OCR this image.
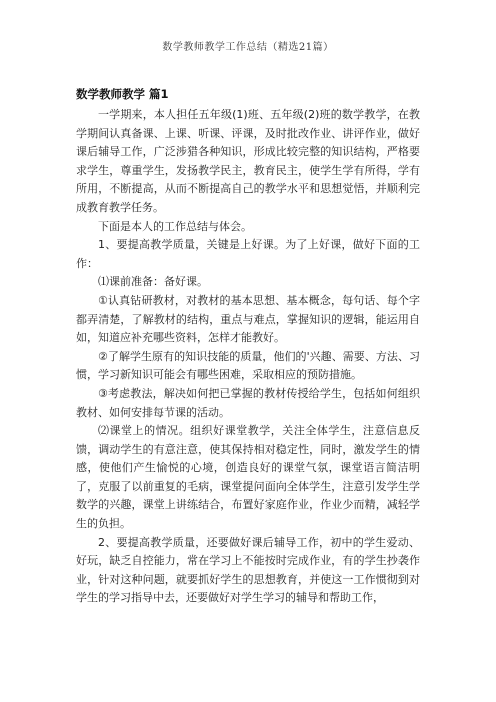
数学教师教学工作总结（精选21篇）
数学教师教学 篇1

一学期来，本人担任五年级(1)班、五年级(2)班的数学教学，在教学期间认真备课、上课、听课、评课，及时批改作业、讲评作业，做好课后辅导工作，广泛涉猎各种知识，形成比较完整的知识结构，严格要求学生，尊重学生，发扬教学民主，教育民主，使学生学有所得，学有所用，不断提高，从而不断提高自己的教学水平和思想觉悟，并顺利完成教育教学任务。

下面是本人的工作总结与体会。

1、要提高教学质量，关键是上好课。为了上好课，做好下面的工作：

⑴课前准备：备好课。

①认真钻研教材，对教材的基本思想、基本概念，每句话、每个字都弄清楚，了解教材的结构，重点与难点，掌握知识的逻辑，能运用自如，知道应补充哪些资料，怎样才能教好。

②了解学生原有的知识技能的质量，他们的'兴趣、需要、方法、习惯，学习新知识可能会有哪些困难，采取相应的预防措施。

③考虑教法，解决如何把已掌握的教材传授给学生，包括如何组织教材、如何安排每节课的活动。

⑵课堂上的情况。组织好课堂教学，关注全体学生，注意信息反馈，调动学生的有意注意，使其保持相对稳定性，同时，激发学生的情感，使他们产生愉悦的心境，创造良好的课堂气氛，课堂语言简洁明了，克服了以前重复的毛病，课堂提问面向全体学生，注意引发学生学数学的兴趣，课堂上讲练结合，布置好家庭作业，作业少而精，减轻学生的负担。

2、要提高教学质量，还要做好课后辅导工作，初中的学生爱动、好玩，缺乏自控能力，常在学习上不能按时完成作业，有的学生抄袭作业，针对这种问题，就要抓好学生的思想教育，并使这一工作惯彻到对学生的学习指导中去，还要做好对学生学习的辅导和帮助工作，
